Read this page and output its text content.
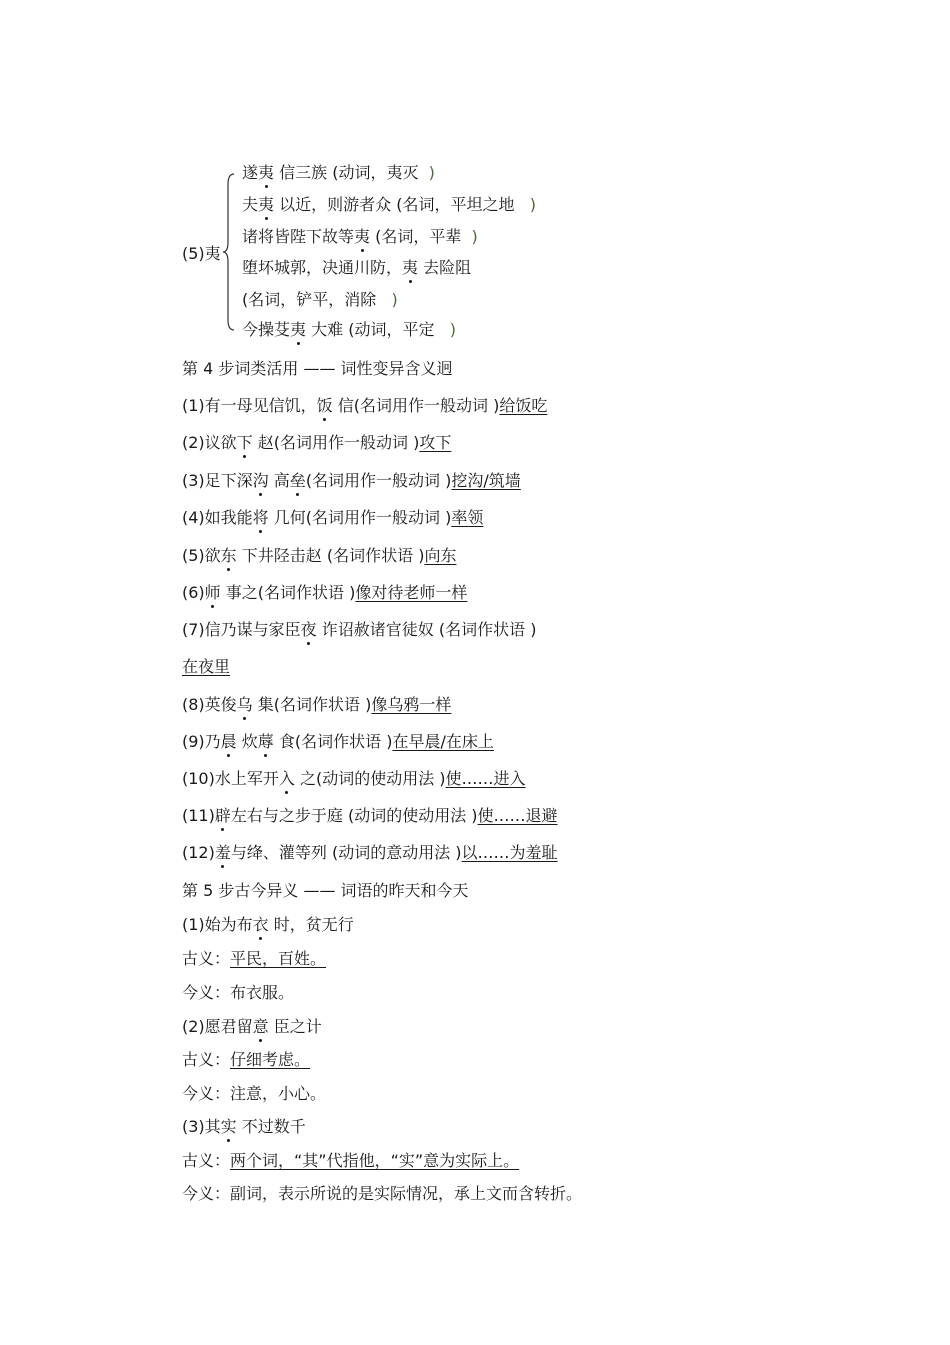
(5)夷
遂夷 信三族 (动词，夷灭 )
夫夷 以近，则游者众 (名词，平坦之地 )
诸将皆陛下故等夷 (名词，平辈 )
堕坏城郭，决通川防，夷 去险阻
(名词，铲平，消除 )
今操芟夷 大难 (动词，平定 )
第 4 步词类活用 —— 词性变异含义迥
(1)有一母见信饥，饭 信(名词用作一般动词 )给饭吃
(2)议欲下 赵(名词用作一般动词 )攻下
(3)足下深沟 高垒(名词用作一般动词 )挖沟/筑墙
(4)如我能将 几何(名词用作一般动词 )率领
(5)欲东 下井陉击赵 (名词作状语 )向东
(6)师 事之(名词作状语 )像对待老师一样
(7)信乃谋与家臣夜 诈诏赦诸官徒奴 (名词作状语 )
在夜里
(8)英俊乌 集(名词作状语 )像乌鸦一样
(9)乃晨 炊蓐 食(名词作状语 )在早晨/在床上
(10)水上军开入 之(动词的使动用法 )使……进入
(11)辟左右与之步于庭 (动词的使动用法 )使……退避
(12)羞与绛、灌等列 (动词的意动用法 )以……为羞耻
第 5 步古今异义 —— 词语的昨天和今天
(1)始为布衣 时，贫无行
古义：平民，百姓。
今义：布衣服。
(2)愿君留意 臣之计
古义：仔细考虑。
今义：注意，小心。
(3)其实 不过数千
古义：两个词，“其”代指他，“实”意为实际上。
今义：副词，表示所说的是实际情况，承上文而含转折。
